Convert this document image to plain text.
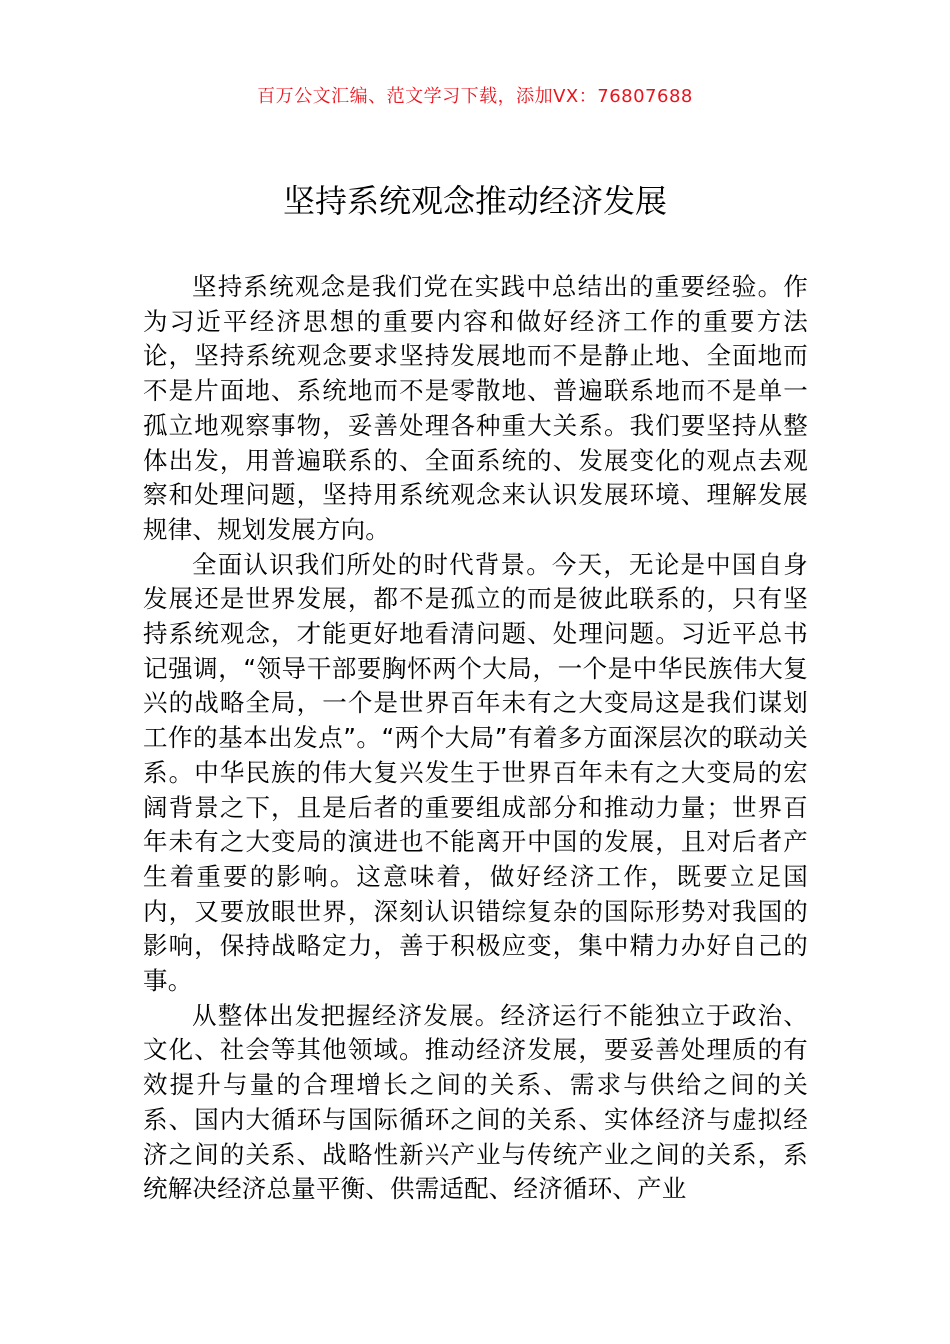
百万公文汇编、范文学习下载，添加VX：76807688
坚持系统观念推动经济发展

坚持系统观念是我们党在实践中总结出的重要经验。作为习近平经济思想的重要内容和做好经济工作的重要方法论，坚持系统观念要求坚持发展地而不是静止地、全面地而不是片面地、系统地而不是零散地、普遍联系地而不是单一孤立地观察事物，妥善处理各种重大关系。我们要坚持从整体出发，用普遍联系的、全面系统的、发展变化的观点去观察和处理问题，坚持用系统观念来认识发展环境、理解发展规律、规划发展方向。

全面认识我们所处的时代背景。今天，无论是中国自身发展还是世界发展，都不是孤立的而是彼此联系的，只有坚持系统观念，才能更好地看清问题、处理问题。习近平总书记强调，“领导干部要胸怀两个大局，一个是中华民族伟大复兴的战略全局，一个是世界百年未有之大变局这是我们谋划工作的基本出发点”。“两个大局”有着多方面深层次的联动关系。中华民族的伟大复兴发生于世界百年未有之大变局的宏阔背景之下，且是后者的重要组成部分和推动力量；世界百年未有之大变局的演进也不能离开中国的发展，且对后者产生着重要的影响。这意味着，做好经济工作，既要立足国内，又要放眼世界，深刻认识错综复杂的国际形势对我国的影响，保持战略定力，善于积极应变，集中精力办好自己的事。

从整体出发把握经济发展。经济运行不能独立于政治、文化、社会等其他领域。推动经济发展，要妥善处理质的有效提升与量的合理增长之间的关系、需求与供给之间的关系、国内大循环与国际循环之间的关系、实体经济与虚拟经济之间的关系、战略性新兴产业与传统产业之间的关系，系统解决经济总量平衡、供需适配、经济循环、产业
